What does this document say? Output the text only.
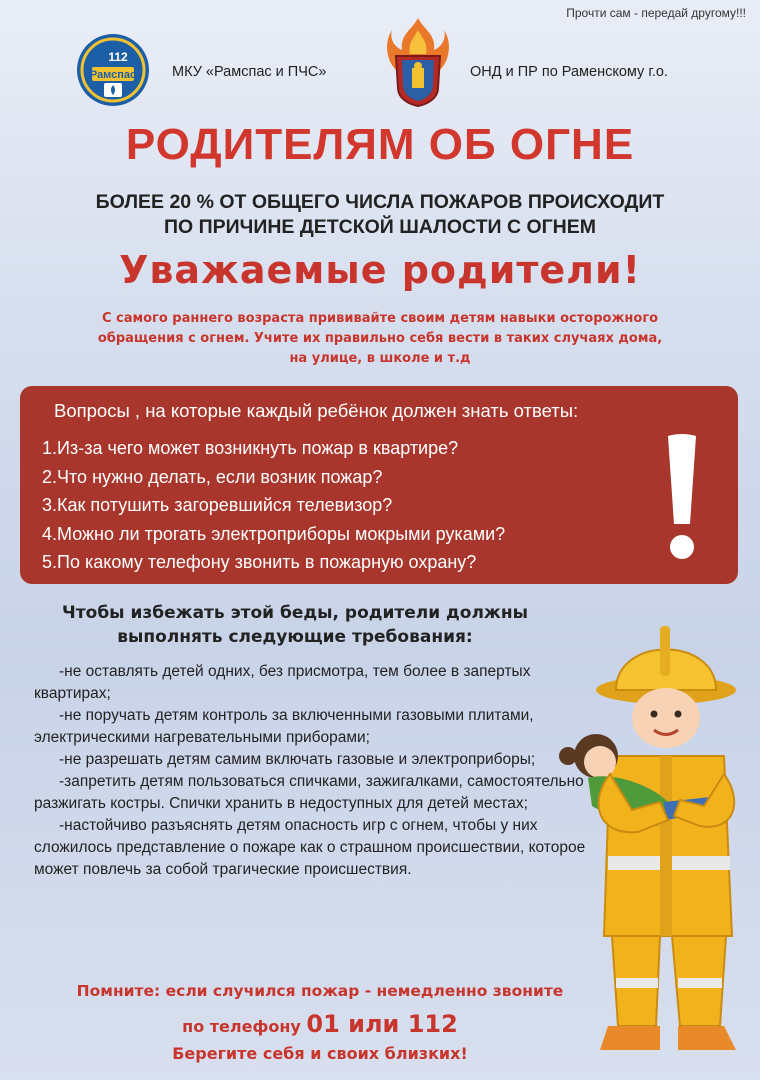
Прочти сам - передай другому!!!
112
Рамспас МКУ «Рамспас и ПЧС»	ОНД и ПР по Раменскому г.о.
РОДИТЕЛЯМ ОБ ОГНЕ
БОЛЕЕ 20 % ОТ ОБЩЕГО ЧИСЛА ПОЖАРОВ ПРОИСХОДИТ
ПО ПРИЧИНЕ ДЕТСКОЙ ШАЛОСТИ С ОГНЕМ
Уважаемые родители!
С самого раннего возраста прививайте своим детям навыки осторожного
обращения с огнем. Учите их правильно себя вести в таких случаях дома,
на улице, в школе и т.д
Вопросы , на которые каждый ребёнок должен знать ответы:
1.Из-за чего может возникнуть пожар в квартире?
2.Что нужно делать, если возник пожар?
3.Как потушить загоревшийся телевизор?
4.Можно ли трогать электроприборы мокрыми руками?
5.По какому телефону звонить в пожарную охрану?
Чтобы избежать этой беды, родители должны
выполнять следующие требования:
-не оставлять детей одних, без присмотра, тем более в запертых квартирах;
-не поручать детям контроль за включенными газовыми плитами, электрическими нагревательными приборами;
-не разрешать детям самим включать газовые и электроприборы;
-запретить детям пользоваться спичками, зажигалками, самостоятельно разжигать костры. Спички хранить в недоступных для детей местах;
-настойчиво разъяснять детям опасность игр с огнем, чтобы у них сложилось представление о пожаре как о страшном происшествии, которое может повлечь за собой трагические происшествия.
Помните: если случился пожар - немедленно звоните
по телефону 01 или 112
Берегите себя и своих близких!
